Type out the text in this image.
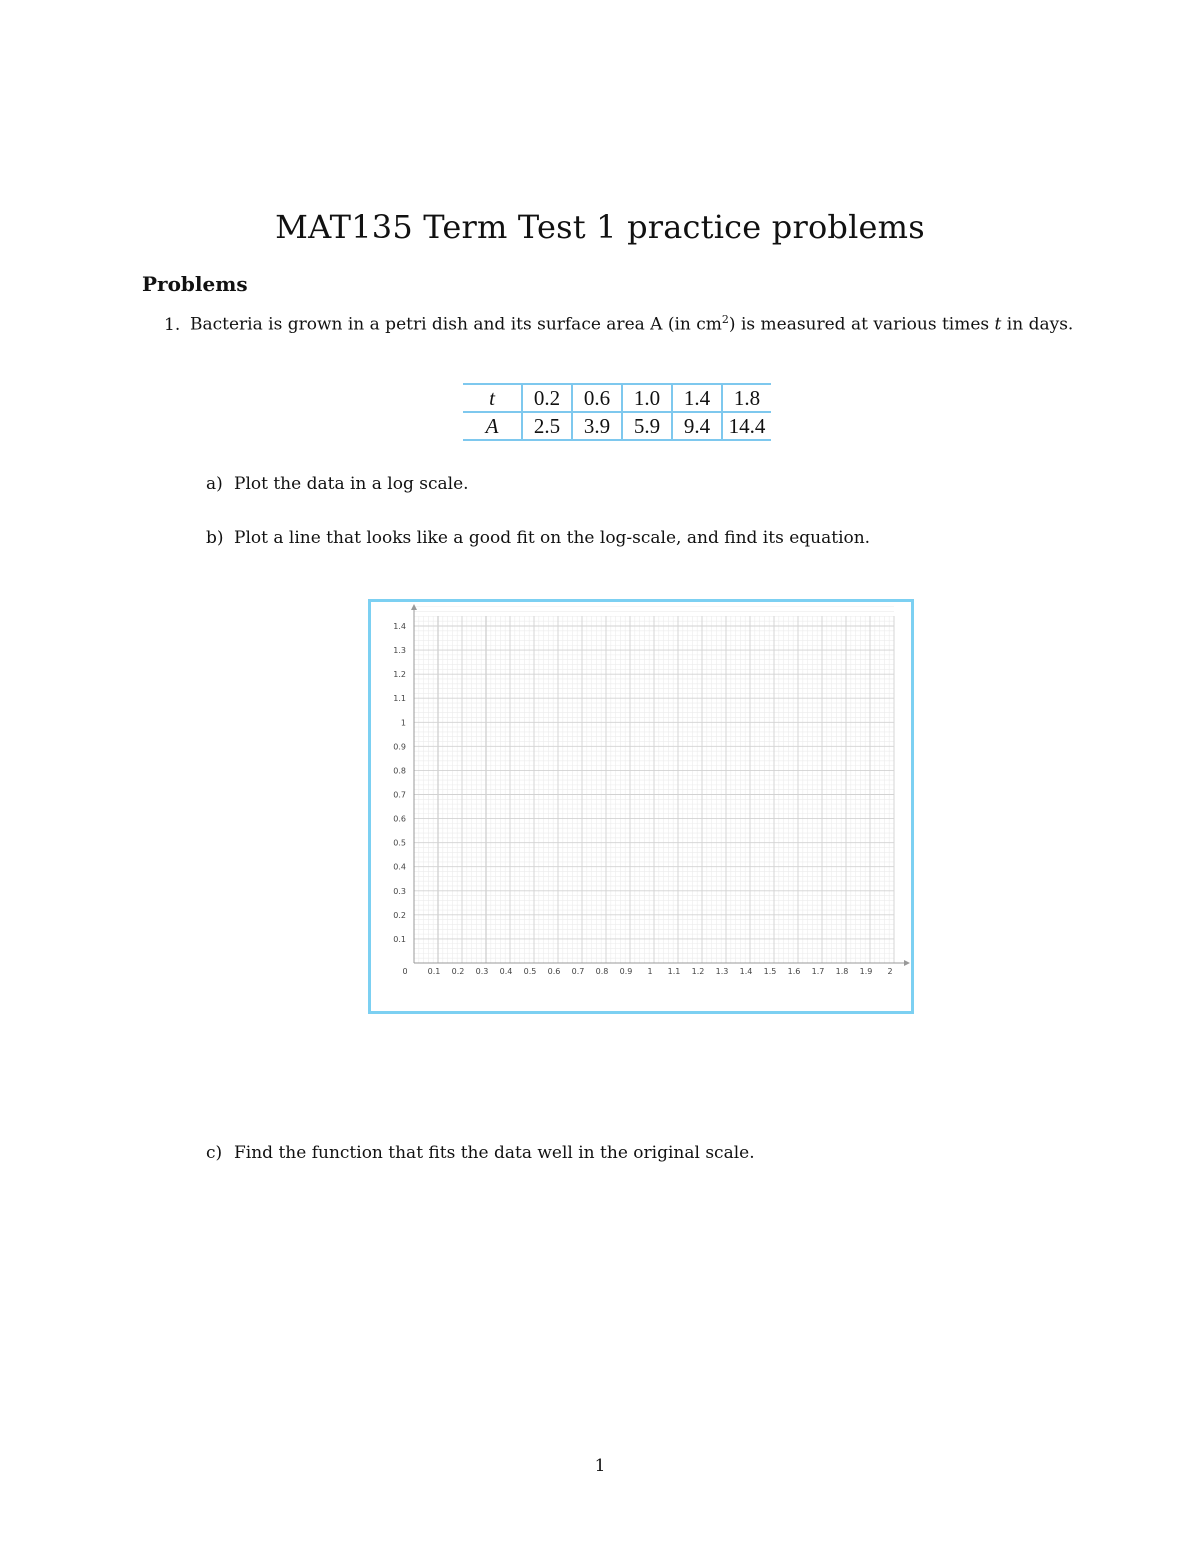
MAT135 Term Test 1 practice problems
Problems
1. Bacteria is grown in a petri dish and its surface area A (in $cm^2$) is measured at various times t in days.
t	0.2	0.6	1.0	1.4	1.8
A	2.5	3.9	5.9	9.4	14.4
a) Plot the data in a log scale.
b) Plot a line that looks like a good fit on the log-scale, and find its equation.
0	0.1 0.2 0.3 0.4 0.5 0.6 0.7 0.8 0.9 1 1.1 1.2 1.3 1.4 1.5 1.6 1.7 1.8 1.9 2
0.1
0.2
0.3
0.4
0.5
0.6
0.7
0.8
0.9
1
1.1
1.2
1.3
1.4
c) Find the function that fits the data well in the original scale.
1
